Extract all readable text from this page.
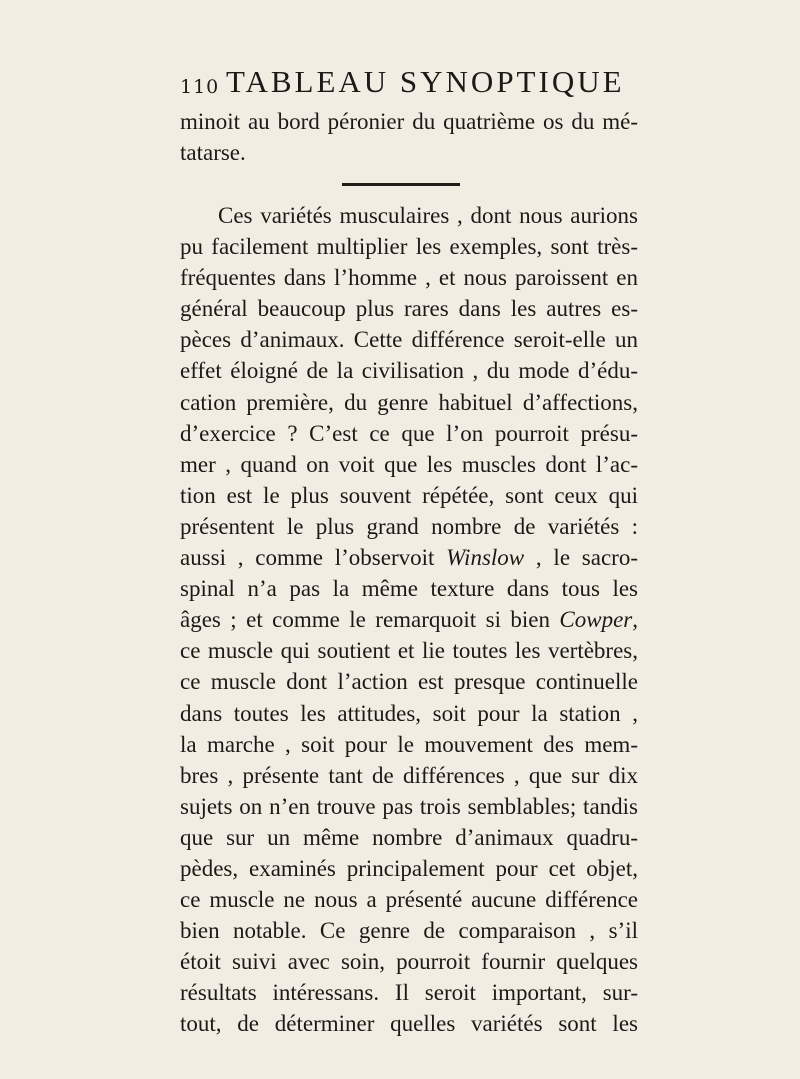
110 TABLEAU SYNOPTIQUE
minoit au bord péronier du quatrième os du mé-
tatarse.
Ces variétés musculaires , dont nous aurions
pu facilement multiplier les exemples, sont très-
fréquentes dans l’homme , et nous paroissent en
général beaucoup plus rares dans les autres es-
pèces d’animaux. Cette différence seroit-elle un
effet éloigné de la civilisation , du mode d’édu-
cation première, du genre habituel d’affections,
d’exercice ? C’est ce que l’on pourroit présu-
mer , quand on voit que les muscles dont l’ac-
tion est le plus souvent répétée, sont ceux qui
présentent le plus grand nombre de variétés :
aussi , comme l’observoit Winslow , le sacro-
spinal n’a pas la même texture dans tous les
âges ; et comme le remarquoit si bien Cowper,
ce muscle qui soutient et lie toutes les vertèbres,
ce muscle dont l’action est presque continuelle
dans toutes les attitudes, soit pour la station ,
la marche , soit pour le mouvement des mem-
bres , présente tant de différences , que sur dix
sujets on n’en trouve pas trois semblables; tandis
que sur un même nombre d’animaux quadru-
pèdes, examinés principalement pour cet objet,
ce muscle ne nous a présenté aucune différence
bien notable. Ce genre de comparaison , s’il
étoit suivi avec soin, pourroit fournir quelques
résultats intéressans. Il seroit important, sur-
tout, de déterminer quelles variétés sont les
